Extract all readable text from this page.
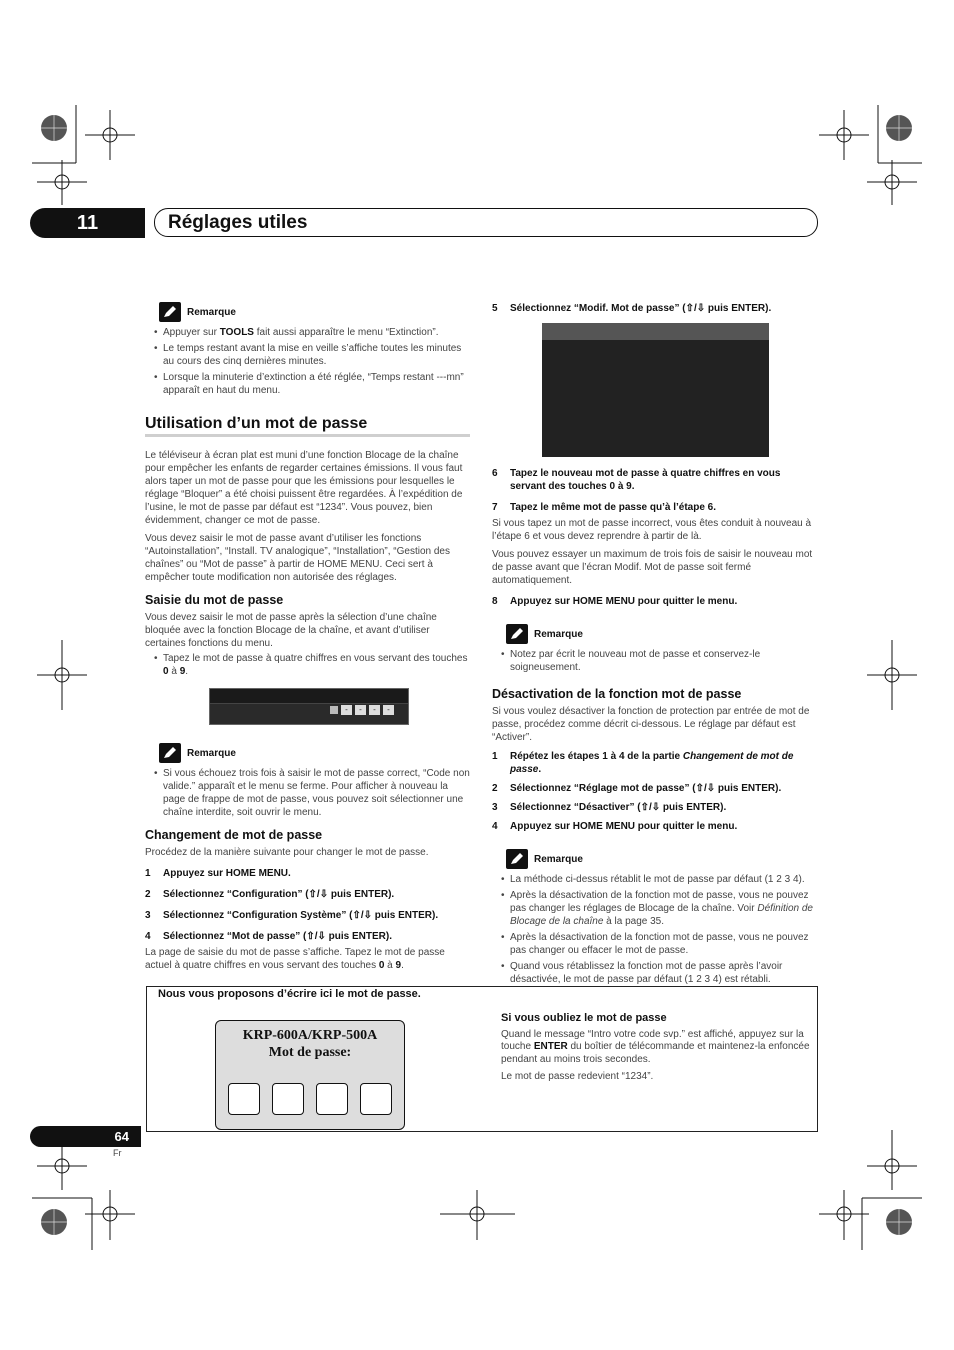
11	Réglages utiles
Remarque
• Appuyer sur TOOLS fait aussi apparaître le menu “Extinction”.
• Le temps restant avant la mise en veille s’affiche toutes les minutes au cours des cinq dernières minutes.
• Lorsque la minuterie d’extinction a été réglée, “Temps restant ---mn” apparaît en haut du menu.
Utilisation d’un mot de passe

Le téléviseur à écran plat est muni d’une fonction Blocage de la chaîne pour empêcher les enfants de regarder certaines émissions. Il vous faut alors taper un mot de passe pour que les émissions pour lesquelles le réglage “Bloquer” a été choisi puissent être regardées. À l’expédition de l’usine, le mot de passe par défaut est “1234”. Vous pouvez, bien évidemment, changer ce mot de passe.

Vous devez saisir le mot de passe avant d’utiliser les fonctions “Autoinstallation”, “Install. TV analogique”, “Installation”, “Gestion des chaînes” ou “Mot de passe” à partir de HOME MENU. Ceci sert à empêcher toute modification non autorisée des réglages.

Saisie du mot de passe

Vous devez saisir le mot de passe après la sélection d’une chaîne bloquée avec la fonction Blocage de la chaîne, et avant d’utiliser certaines fonctions du menu.

• Tapez le mot de passe à quatre chiffres en vous servant des touches 0 à 9.
-	-	-	-
Remarque
• Si vous échouez trois fois à saisir le mot de passe correct, “Code non valide.” apparaît et le menu se ferme. Pour afficher à nouveau la page de frappe de mot de passe, vous pouvez soit sélectionner une chaîne interdite, soit ouvrir le menu.
Changement de mot de passe

Procédez de la manière suivante pour changer le mot de passe.

1	Appuyez sur HOME MENU.
2	Sélectionnez “Configuration” (⇧/⇩ puis ENTER).
3	Sélectionnez “Configuration Système” (⇧/⇩ puis ENTER).
4	Sélectionnez “Mot de passe” (⇧/⇩ puis ENTER).

La page de saisie du mot de passe s’affiche. Tapez le mot de passe actuel à quatre chiffres en vous servant des touches 0 à 9.

5	Sélectionnez “Modif. Mot de passe” (⇧/⇩ puis ENTER).
6	Tapez le nouveau mot de passe à quatre chiffres en vous servant des touches 0 à 9.
7	Tapez le même mot de passe qu’à l’étape 6.

Si vous tapez un mot de passe incorrect, vous êtes conduit à nouveau à l’étape 6 et vous devez reprendre à partir de là.

Vous pouvez essayer un maximum de trois fois de saisir le nouveau mot de passe avant que l’écran Modif. Mot de passe soit fermé automatiquement.

8	Appuyez sur HOME MENU pour quitter le menu.
Remarque
• Notez par écrit le nouveau mot de passe et conservez-le soigneusement.
Désactivation de la fonction mot de passe

Si vous voulez désactiver la fonction de protection par entrée de mot de passe, procédez comme décrit ci-dessous. Le réglage par défaut est “Activer”.

1	Répétez les étapes 1 à 4 de la partie Changement de mot de passe.
2	Sélectionnez “Réglage mot de passe” (⇧/⇩ puis ENTER).
3	Sélectionnez “Désactiver” (⇧/⇩ puis ENTER).
4	Appuyez sur HOME MENU pour quitter le menu.
Remarque
• La méthode ci-dessus rétablit le mot de passe par défaut (1 2 3 4).
• Après la désactivation de la fonction mot de passe, vous ne pouvez pas changer les réglages de Blocage de la chaîne. Voir Définition de Blocage de la chaîne à la page 35.
• Après la désactivation de la fonction mot de passe, vous ne pouvez pas changer ou effacer le mot de passe.
• Quand vous rétablissez la fonction mot de passe après l’avoir désactivée, le mot de passe par défaut (1 2 3 4) est rétabli.
Nous vous proposons d’écrire ici le mot de passe.
KRP-600A/KRP-500A
Mot de passe:
Si vous oubliez le mot de passe

Quand le message “Intro votre code svp.” est affiché, appuyez sur la touche ENTER du boîtier de télécommande et maintenez-la enfoncée pendant au moins trois secondes.

Le mot de passe redevient “1234”.

64
Fr
